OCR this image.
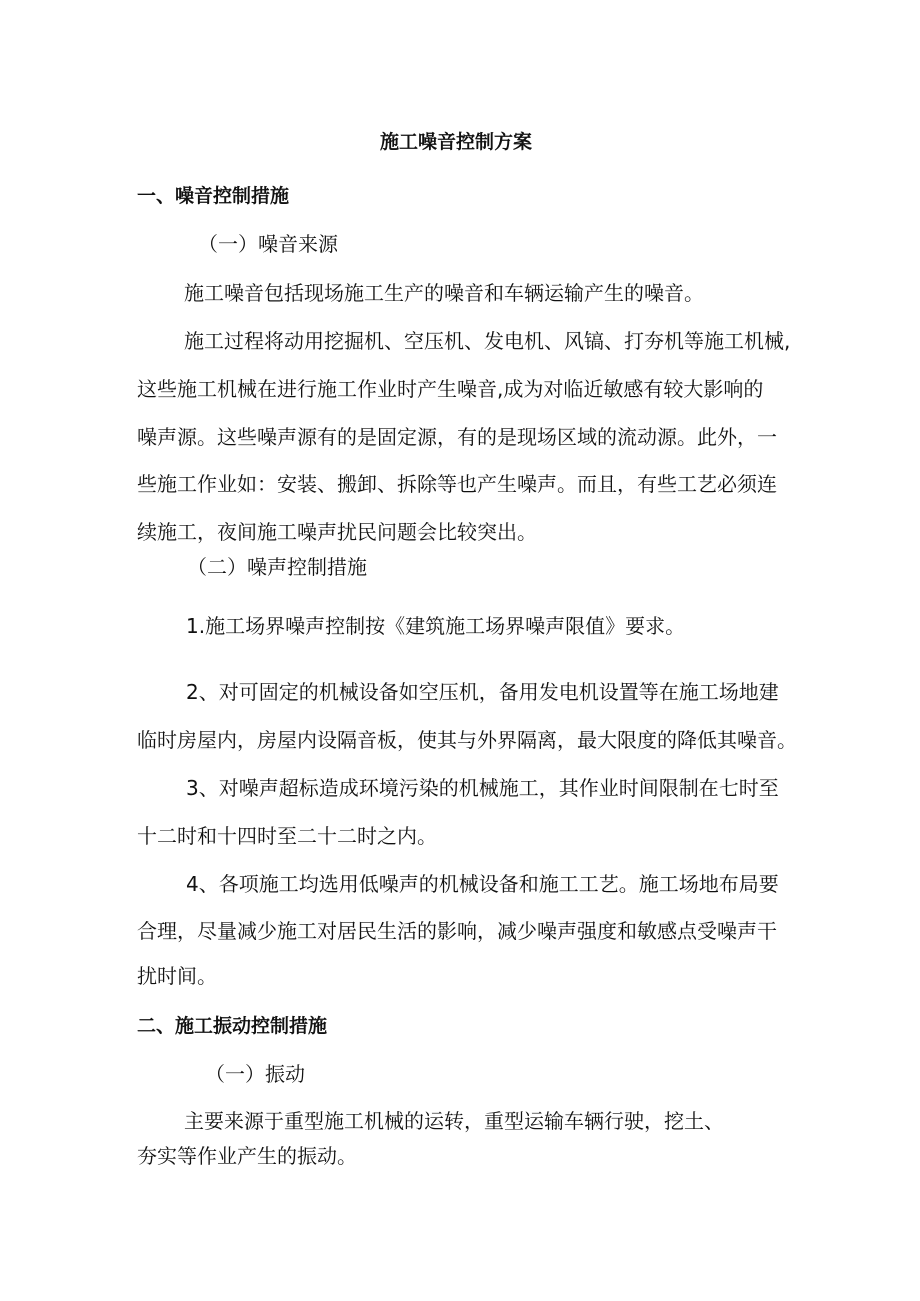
施工噪音控制方案
一、噪音控制措施
（一）噪音来源
施工噪音包括现场施工生产的噪音和车辆运输产生的噪音。
施工过程将动用挖掘机、空压机、发电机、风镐、打夯机等施工机械,
这些施工机械在进行施工作业时产生噪音,成为对临近敏感有较大影响的
噪声源。这些噪声源有的是固定源，有的是现场区域的流动源。此外，一
些施工作业如：安装、搬卸、拆除等也产生噪声。而且，有些工艺必须连
续施工，夜间施工噪声扰民问题会比较突出。
（二）噪声控制措施
1.施工场界噪声控制按《建筑施工场界噪声限值》要求。
2、对可固定的机械设备如空压机，备用发电机设置等在施工场地建
临时房屋内，房屋内设隔音板，使其与外界隔离，最大限度的降低其噪音。
3、对噪声超标造成环境污染的机械施工，其作业时间限制在七时至
十二时和十四时至二十二时之内。
4、各项施工均选用低噪声的机械设备和施工工艺。施工场地布局要
合理，尽量减少施工对居民生活的影响，减少噪声强度和敏感点受噪声干
扰时间。
二、施工振动控制措施
（一）振动
主要来源于重型施工机械的运转，重型运输车辆行驶，挖土、
夯实等作业产生的振动。
